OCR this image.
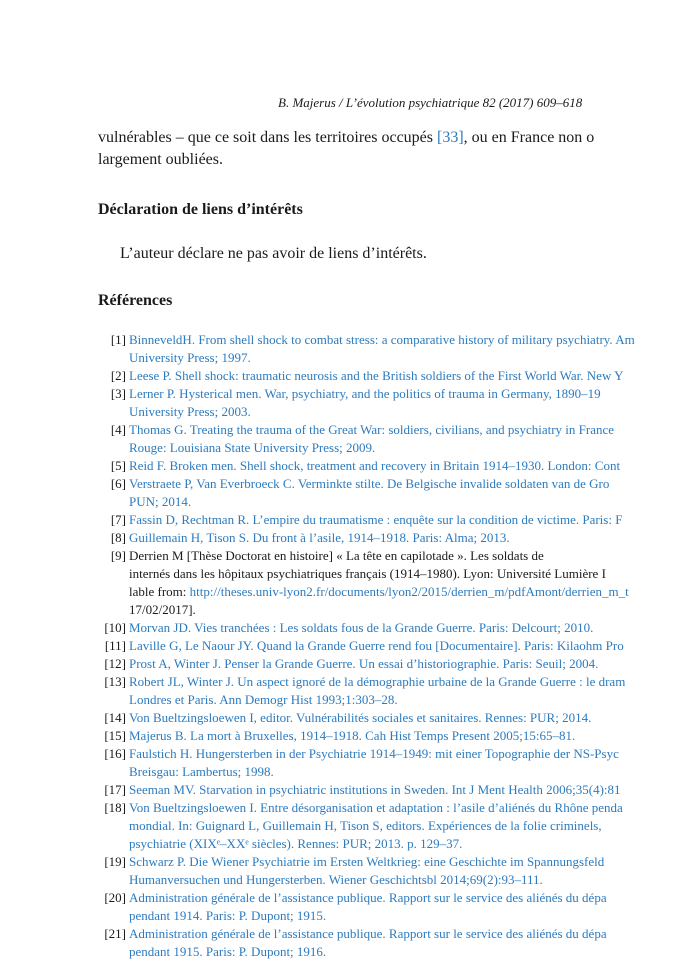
B. Majerus / L’évolution psychiatrique 82 (2017) 609–618
vulnérables – que ce soit dans les territoires occupés [33], ou en France non o
largement oubliées.
Déclaration de liens d’intérêts
L’auteur déclare ne pas avoir de liens d’intérêts.
Références
[1] BinneveldH. From shell shock to combat stress: a comparative history of military psychiatry. Am
University Press; 1997.
[2] Leese P. Shell shock: traumatic neurosis and the British soldiers of the First World War. New Y
[3] Lerner P. Hysterical men. War, psychiatry, and the politics of trauma in Germany, 1890–19
University Press; 2003.
[4] Thomas G. Treating the trauma of the Great War: soldiers, civilians, and psychiatry in France
Rouge: Louisiana State University Press; 2009.
[5] Reid F. Broken men. Shell shock, treatment and recovery in Britain 1914–1930. London: Cont
[6] Verstraete P, Van Everbroeck C. Verminkte stilte. De Belgische invalide soldaten van de Gro
PUN; 2014.
[7] Fassin D, Rechtman R. L’empire du traumatisme : enquête sur la condition de victime. Paris: F
[8] Guillemain H, Tison S. Du front à l’asile, 1914–1918. Paris: Alma; 2013.
[9] Derrien M [Thèse Doctorat en histoire] « La tête en capilotade ». Les soldats de
internés dans les hôpitaux psychiatriques français (1914–1980). Lyon: Université Lumière I
lable from: http://theses.univ-lyon2.fr/documents/lyon2/2015/derrien_m/pdfAmont/derrien_m_t
17/02/2017].
[10] Morvan JD. Vies tranchées : Les soldats fous de la Grande Guerre. Paris: Delcourt; 2010.
[11] Laville G, Le Naour JY. Quand la Grande Guerre rend fou [Documentaire]. Paris: Kilaohm Pro
[12] Prost A, Winter J. Penser la Grande Guerre. Un essai d’historiographie. Paris: Seuil; 2004.
[13] Robert JL, Winter J. Un aspect ignoré de la démographie urbaine de la Grande Guerre : le dram
Londres et Paris. Ann Demogr Hist 1993;1:303–28.
[14] Von Bueltzingsloewen I, editor. Vulnérabilités sociales et sanitaires. Rennes: PUR; 2014.
[15] Majerus B. La mort à Bruxelles, 1914–1918. Cah Hist Temps Present 2005;15:65–81.
[16] Faulstich H. Hungersterben in der Psychiatrie 1914–1949: mit einer Topographie der NS-Psyc
Breisgau: Lambertus; 1998.
[17] Seeman MV. Starvation in psychiatric institutions in Sweden. Int J Ment Health 2006;35(4):81
[18] Von Bueltzingsloewen I. Entre désorganisation et adaptation : l’asile d’aliénés du Rhône penda
mondial. In: Guignard L, Guillemain H, Tison S, editors. Expériences de la folie criminels,
psychiatrie (XIXᵉ–XXᵉ siècles). Rennes: PUR; 2013. p. 129–37.
[19] Schwarz P. Die Wiener Psychiatrie im Ersten Weltkrieg: eine Geschichte im Spannungsfeld
Humanversuchen und Hungersterben. Wiener Geschichtsbl 2014;69(2):93–111.
[20] Administration générale de l’assistance publique. Rapport sur le service des aliénés du dépa
pendant 1914. Paris: P. Dupont; 1915.
[21] Administration générale de l’assistance publique. Rapport sur le service des aliénés du dépa
pendant 1915. Paris: P. Dupont; 1916.
